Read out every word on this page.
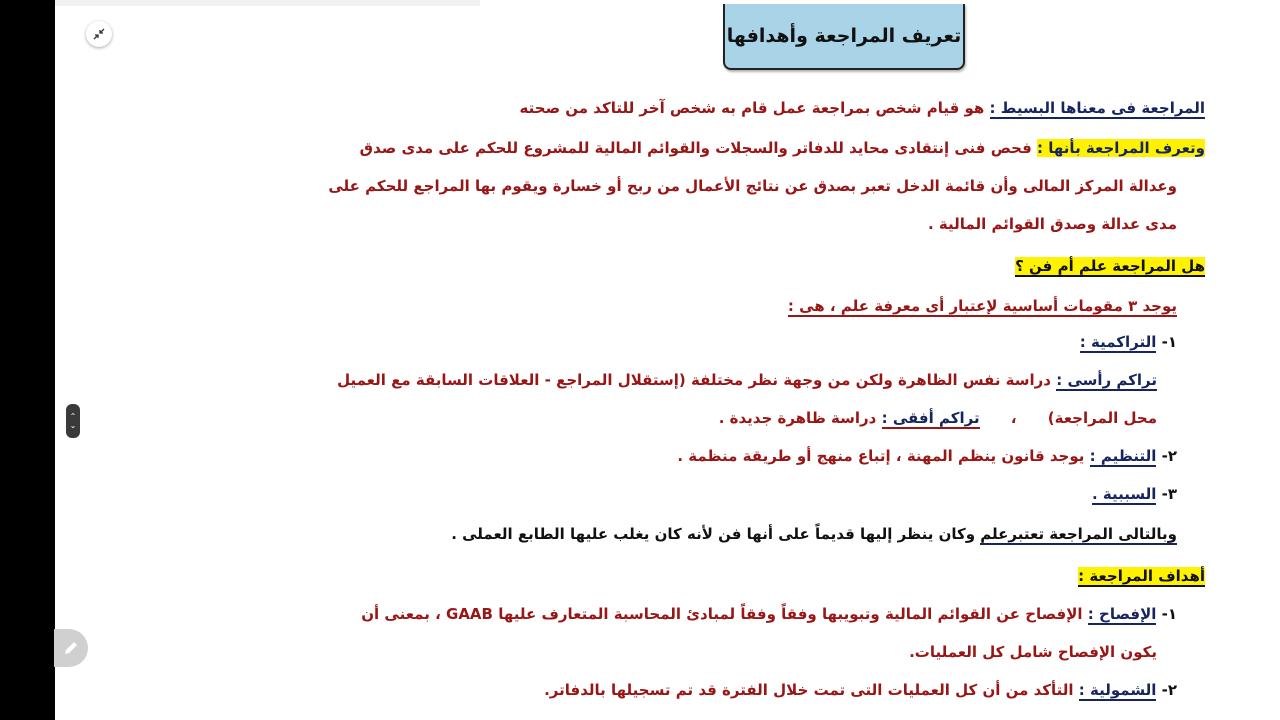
⌃
⌄
تعريف المراجعة وأهدافها
المراجعة فى معناها البسيط : هو قيام شخص بمراجعة عمل قام به شخص آخر للتاكد من صحته
وتعرف المراجعة بأنها : فحص فنى إنتقادى محايد للدفاتر والسجلات والقوائم المالية للمشروع للحكم على مدى صدق
وعدالة المركز المالى وأن قائمة الدخل تعبر بصدق عن نتائج الأعمال من ربح أو خسارة ويقوم بها المراجع للحكم على
مدى عدالة وصدق القوائم المالية .
هل المراجعة علم أم فن ؟
يوجد ٣ مقومات أساسية لإعتبار أى معرفة علم ، هى :
١- التراكمية :
تراكم رأسى : دراسة نفس الظاهرة ولكن من وجهة نظر مختلفة (إستقلال المراجع - العلاقات السابقة مع العميل
محل المراجعة) ، تراكم أفقى : دراسة ظاهرة جديدة .
٢- التنظيم : يوجد قانون ينظم المهنة ، إتباع منهج أو طريقة منظمة .
٣- السببية .
وبالتالى المراجعة تعتبرعلم وكان ينظر إليها قديماً على أنها فن لأنه كان يغلب عليها الطابع العملى .
أهداف المراجعة :
١- الإفصاح : الإفصاح عن القوائم المالية وتبويبها وفقاً وفقاً لمبادئ المحاسبة المتعارف عليها GAAB ، بمعنى أن
يكون الإفصاح شامل كل العمليات.
٢- الشمولية : التأكد من أن كل العمليات التى تمت خلال الفترة قد تم تسجيلها بالدفاتر.
